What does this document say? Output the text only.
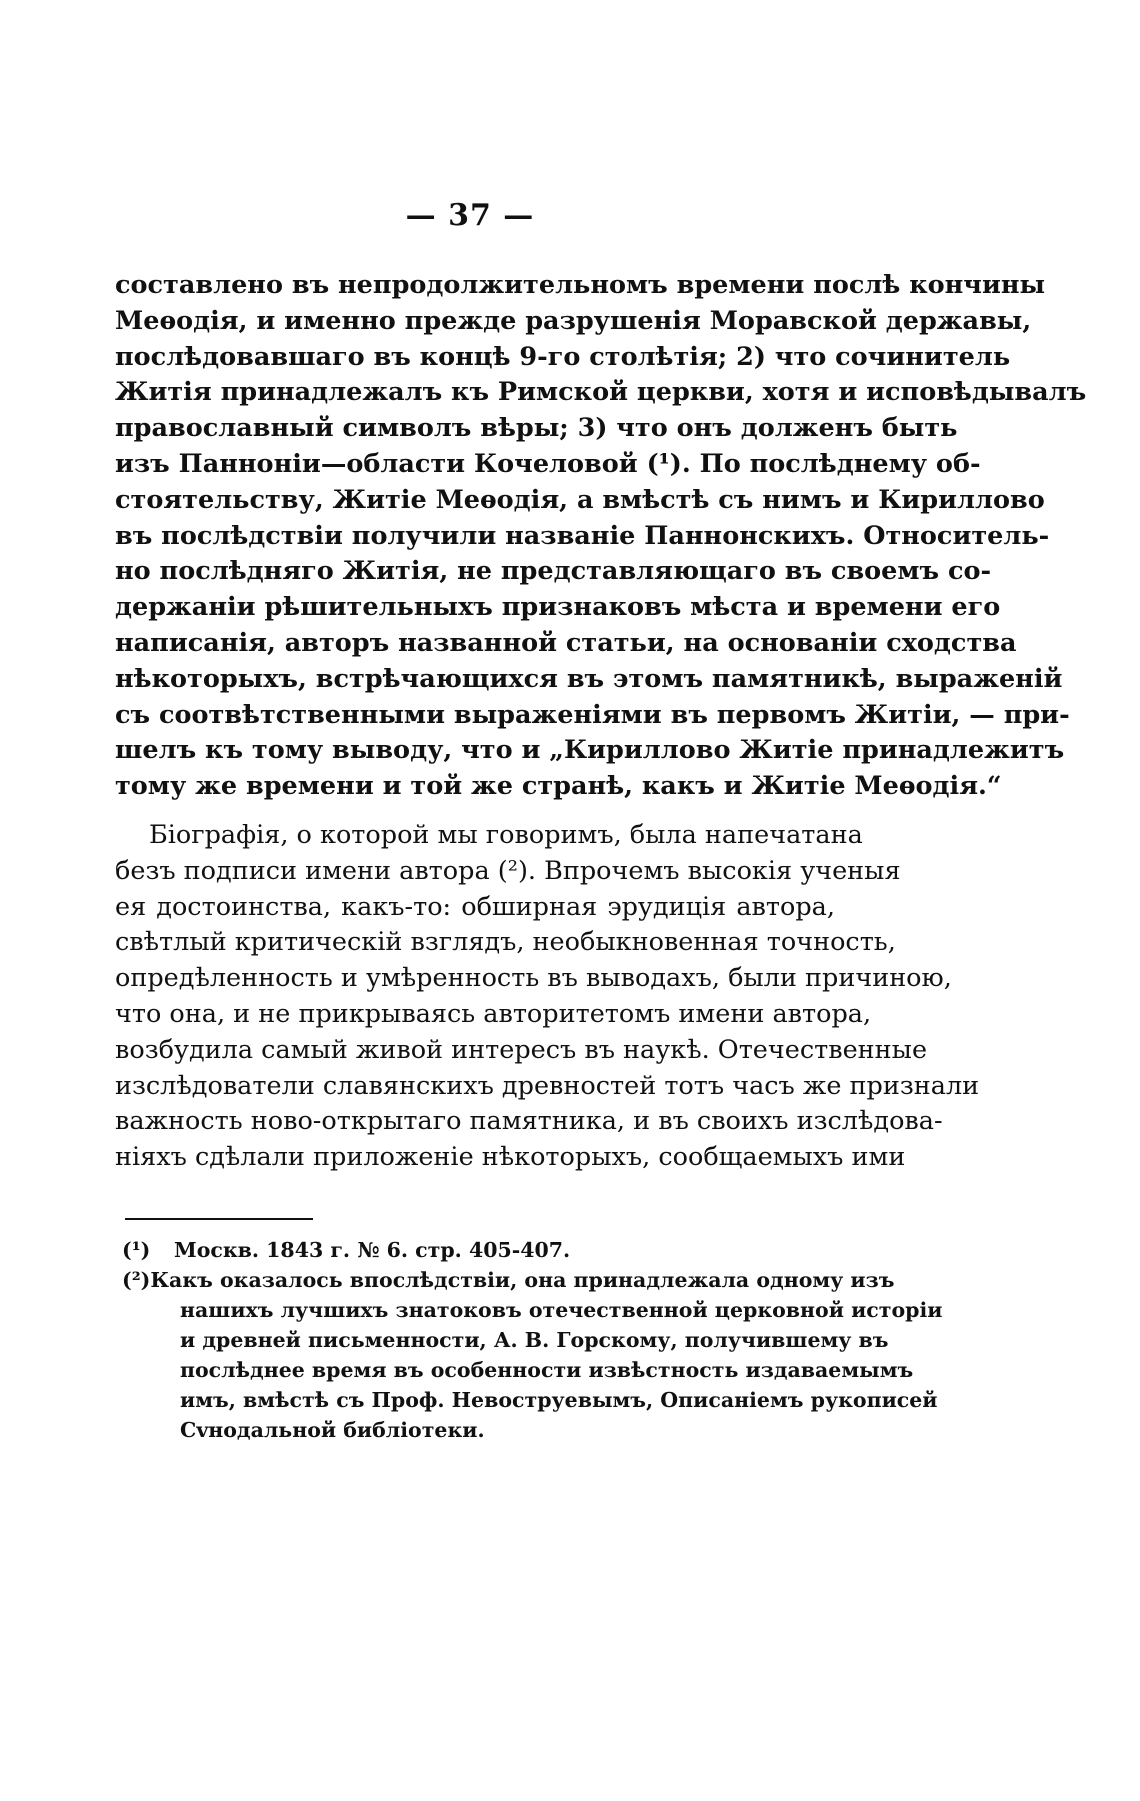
— 37 —
составлено въ непродолжительномъ времени послѣ кончины
Меѳодія, и именно прежде разрушенія Моравской державы,
послѣдовавшаго въ концѣ 9-го столѣтія; 2) что сочинитель
Житія принадлежалъ къ Римской церкви, хотя и исповѣдывалъ
православный символъ вѣры; 3) что онъ долженъ быть
изъ Паннонiи—области Кочеловой (¹). По послѣднему об-
стоятельству, Житіе Меѳодія, а вмѣстѣ съ нимъ и Кириллово
въ послѣдствіи получили названіе Паннонскихъ. Относитель-
но послѣдняго Житія, не представляющаго въ своемъ со-
держаніи рѣшительныхъ признаковъ мѣста и времени его
написанія, авторъ названной статьи, на основаніи сходства
нѣкоторыхъ, встрѣчающихся въ этомъ памятникѣ, выраженій
съ соотвѣтственными выраженіями въ первомъ Житіи, — при-
шелъ къ тому выводу, что и „Кириллово Житіе принадлежитъ
тому же времени и той же странѣ, какъ и Житіе Меѳодія.“
Біографія, о которой мы говоримъ, была напечатана
безъ подписи имени автора (²). Впрочемъ высокія ученыя
ея достоинства, какъ-то: обширная эрудиція автора,
свѣтлый критическій взглядъ, необыкновенная точность,
опредѣленность и умѣренность въ выводахъ, были причиною,
что она, и не прикрываясь авторитетомъ имени автора,
возбудила самый живой интересъ въ наукѣ. Отечественные
изслѣдователи славянскихъ древностей тотъ часъ же признали
важность ново-открытаго памятника, и въ своихъ изслѣдова-
ніяхъ сдѣлали приложеніе нѣкоторыхъ, сообщаемыхъ ими
(¹)	Москв. 1843 г. № 6. стр. 405-407.
(²) Какъ оказалось впослѣдствіи, она принадлежала одному изъ
нашихъ лучшихъ знатоковъ отечественной церковной исторіи
и древней письменности, А. В. Горскому, получившему въ
послѣднее время въ особенности извѣстность издаваемымъ
имъ, вмѣстѣ съ Проф. Невоструевымъ, Описаніемъ рукописей
Сvнодальной библіотеки.
